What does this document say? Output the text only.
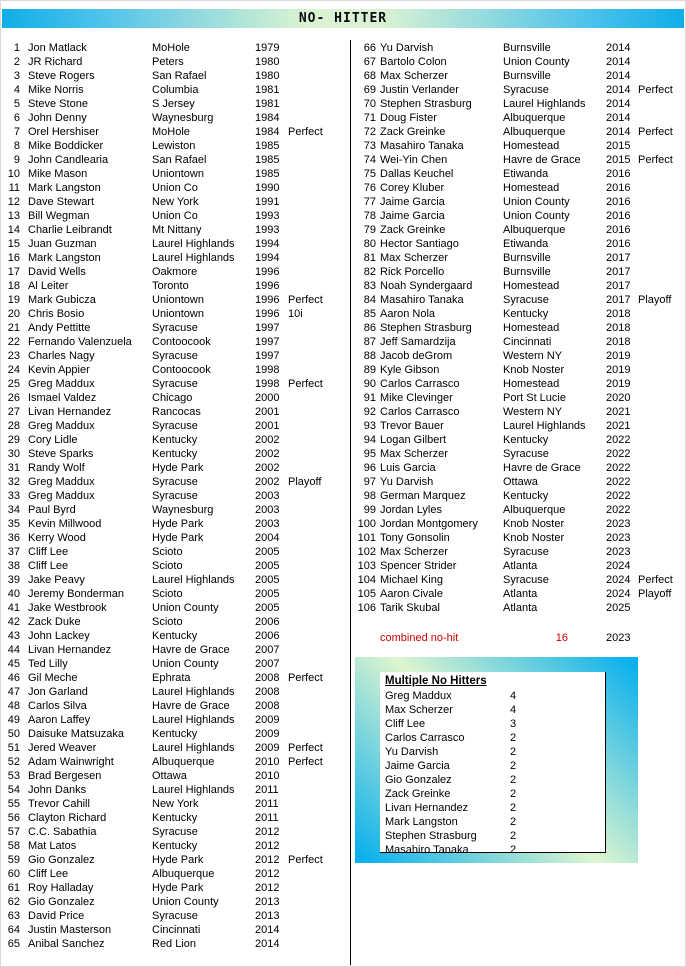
NO- HITTER
1 Jon Matlack	MoHole	1979
2 JR Richard	Peters	1980
3 Steve Rogers	San Rafael	1980
4 Mike Norris	Columbia	1981
5 Steve Stone	S Jersey	1981
6 John Denny	Waynesburg	1984
7 Orel Hershiser	MoHole	1984 Perfect
8 Mike Boddicker	Lewiston	1985
9 John Candlearia	San Rafael	1985
10 Mike Mason	Uniontown	1985
11 Mark Langston	Union Co	1990
12 Dave Stewart	New York	1991
13 Bill Wegman	Union Co	1993
14 Charlie Leibrandt	Mt Nittany	1993
15 Juan Guzman	Laurel Highlands	1994
16 Mark Langston	Laurel Highlands	1994
17 David Wells	Oakmore	1996
18 Al Leiter	Toronto	1996
19 Mark Gubicza	Uniontown	1996 Perfect
20 Chris Bosio	Uniontown	1996 10i
21 Andy Pettitte	Syracuse	1997
22 Fernando Valenzuela	Contoocook	1997
23 Charles Nagy	Syracuse	1997
24 Kevin Appier	Contoocook	1998
25 Greg Maddux	Syracuse	1998 Perfect
26 Ismael Valdez	Chicago	2000
27 Livan Hernandez	Rancocas	2001
28 Greg Maddux	Syracuse	2001
29 Cory Lidle	Kentucky	2002
30 Steve Sparks	Kentucky	2002
31 Randy Wolf	Hyde Park	2002
32 Greg Maddux	Syracuse	2002 Playoff
33 Greg Maddux	Syracuse	2003
34 Paul Byrd	Waynesburg	2003
35 Kevin Millwood	Hyde Park	2003
36 Kerry Wood	Hyde Park	2004
37 Cliff Lee	Scioto	2005
38 Cliff Lee	Scioto	2005
39 Jake Peavy	Laurel Highlands	2005
40 Jeremy Bonderman	Scioto	2005
41 Jake Westbrook	Union County	2005
42 Zack Duke	Scioto	2006
43 John Lackey	Kentucky	2006
44 Livan Hernandez	Havre de Grace	2007
45 Ted Lilly	Union County	2007
46 Gil Meche	Ephrata	2008 Perfect
47 Jon Garland	Laurel Highlands	2008
48 Carlos Silva	Havre de Grace	2008
49 Aaron Laffey	Laurel Highlands	2009
50 Daisuke Matsuzaka	Kentucky	2009
51 Jered Weaver	Laurel Highlands	2009 Perfect
52 Adam Wainwright	Albuquerque	2010 Perfect
53 Brad Bergesen	Ottawa	2010
54 John Danks	Laurel Highlands	2011
55 Trevor Cahill	New York	2011
56 Clayton Richard	Kentucky	2011
57 C.C. Sabathia	Syracuse	2012
58 Mat Latos	Kentucky	2012
59 Gio Gonzalez	Hyde Park	2012 Perfect
60 Cliff Lee	Albuquerque	2012
61 Roy Halladay	Hyde Park	2012
62 Gio Gonzalez	Union County	2013
63 David Price	Syracuse	2013
64 Justin Masterson	Cincinnati	2014
65 Anibal Sanchez	Red Lion	2014
66 Yu Darvish	Burnsville	2014
67 Bartolo Colon	Union County	2014
68 Max Scherzer	Burnsville	2014
69 Justin Verlander	Syracuse	2014 Perfect
70 Stephen Strasburg	Laurel Highlands	2014
71 Doug Fister	Albuquerque	2014
72 Zack Greinke	Albuquerque	2014 Perfect
73 Masahiro Tanaka	Homestead	2015
74 Wei-Yin Chen	Havre de Grace	2015 Perfect
75 Dallas Keuchel	Etiwanda	2016
76 Corey Kluber	Homestead	2016
77 Jaime Garcia	Union County	2016
78 Jaime Garcia	Union County	2016
79 Zack Greinke	Albuquerque	2016
80 Hector Santiago	Etiwanda	2016
81 Max Scherzer	Burnsville	2017
82 Rick Porcello	Burnsville	2017
83 Noah Syndergaard	Homestead	2017
84 Masahiro Tanaka	Syracuse	2017 Playoff
85 Aaron Nola	Kentucky	2018
86 Stephen Strasburg	Homestead	2018
87 Jeff Samardzija	Cincinnati	2018
88 Jacob deGrom	Western NY	2019
89 Kyle Gibson	Knob Noster	2019
90 Carlos Carrasco	Homestead	2019
91 Mike Clevinger	Port St Lucie	2020
92 Carlos Carrasco	Western NY	2021
93 Trevor Bauer	Laurel Highlands	2021
94 Logan Gilbert	Kentucky	2022
95 Max Scherzer	Syracuse	2022
96 Luis Garcia	Havre de Grace	2022
97 Yu Darvish	Ottawa	2022
98 German Marquez	Kentucky	2022
99 Jordan Lyles	Albuquerque	2022
100 Jordan Montgomery	Knob Noster	2023
101 Tony Gonsolin	Knob Noster	2023
102 Max Scherzer	Syracuse	2023
103 Spencer Strider	Atlanta	2024
104 Michael King	Syracuse	2024 Perfect
105 Aaron Civale	Atlanta	2024 Playoff
106 Tarik Skubal	Atlanta	2025
combined no-hit	16	2023
Multiple No Hitters
Greg Maddux	4
Max Scherzer	4
Cliff Lee	3
Carlos Carrasco	2
Yu Darvish	2
Jaime Garcia	2
Gio Gonzalez	2
Zack Greinke	2
Livan Hernandez	2
Mark Langston	2
Stephen Strasburg	2
Masahiro Tanaka	2
